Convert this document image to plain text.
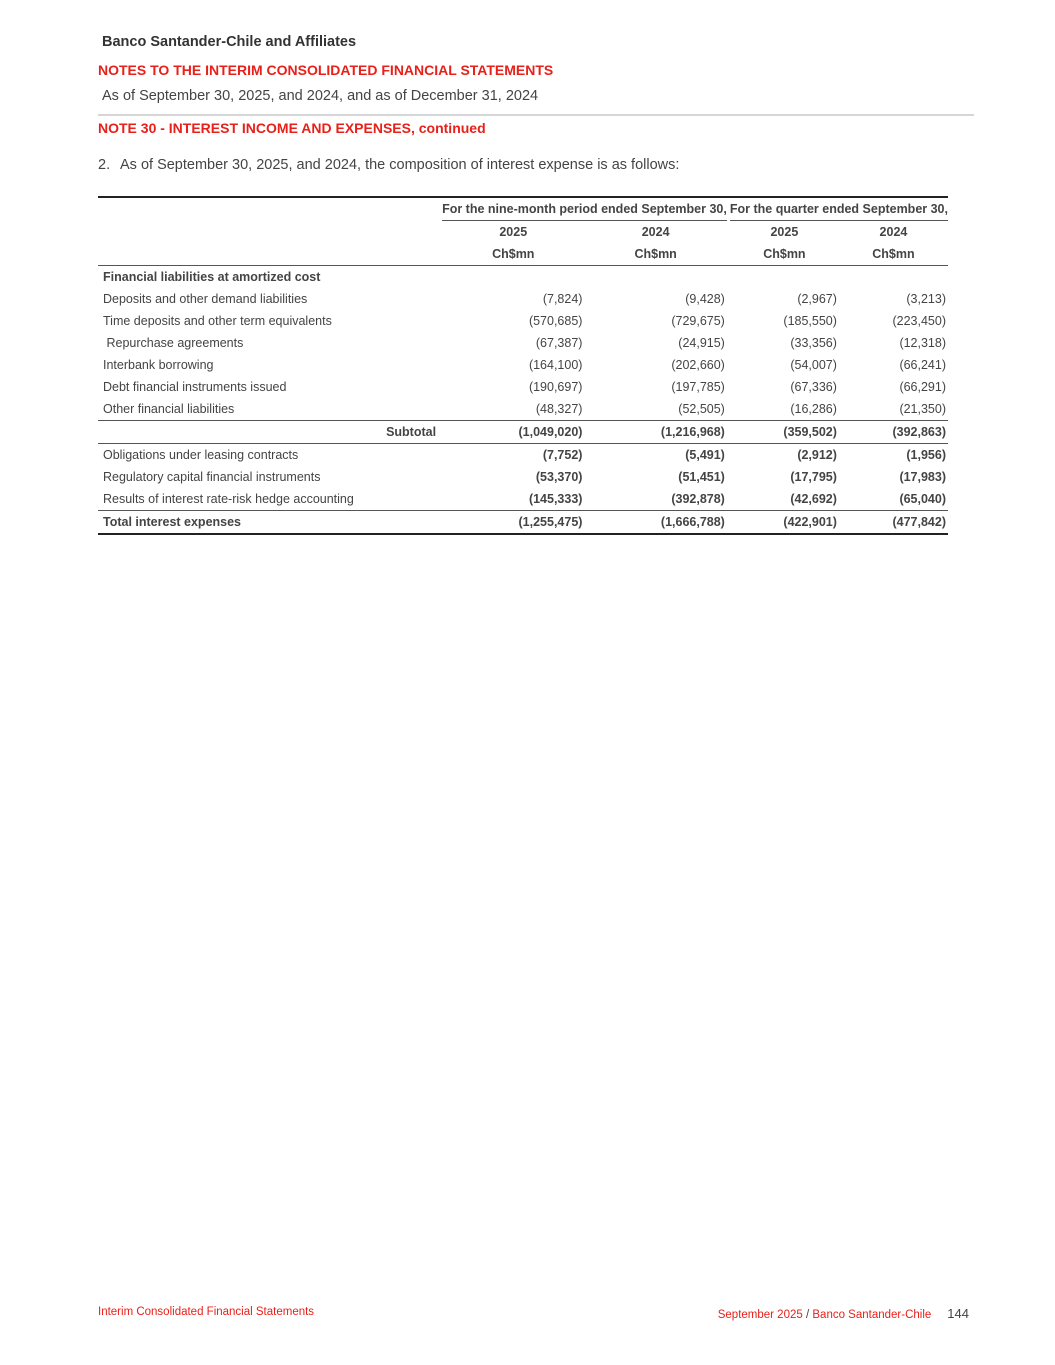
Banco Santander-Chile and Affiliates
NOTES TO THE INTERIM CONSOLIDATED FINANCIAL STATEMENTS
As of September 30, 2025, and 2024, and as of December 31, 2024
NOTE 30 - INTEREST INCOME AND EXPENSES, continued
2. As of September 30, 2025, and 2024, the composition of interest expense is as follows:
	For the nine-month period ended September 30,			For the quarter ended September 30,	
	2025	2024		2025	2024
	Ch$mn	Ch$mn		Ch$mn	Ch$mn
Financial liabilities at amortized cost					
Deposits and other demand liabilities	(7,824)	(9,428)		(2,967)	(3,213)
Time deposits and other term equivalents	(570,685)	(729,675)		(185,550)	(223,450)
Repurchase agreements	(67,387)	(24,915)		(33,356)	(12,318)
Interbank borrowing	(164,100)	(202,660)		(54,007)	(66,241)
Debt financial instruments issued	(190,697)	(197,785)		(67,336)	(66,291)
Other financial liabilities	(48,327)	(52,505)		(16,286)	(21,350)
Subtotal	(1,049,020)	(1,216,968)		(359,502)	(392,863)
Obligations under leasing contracts	(7,752)	(5,491)		(2,912)	(1,956)
Regulatory capital financial instruments	(53,370)	(51,451)		(17,795)	(17,983)
Results of interest rate-risk hedge accounting	(145,333)	(392,878)		(42,692)	(65,040)
Total interest expenses	(1,255,475)	(1,666,788)		(422,901)	(477,842)
Interim Consolidated Financial Statements	September 2025 / Banco Santander-Chile 144
